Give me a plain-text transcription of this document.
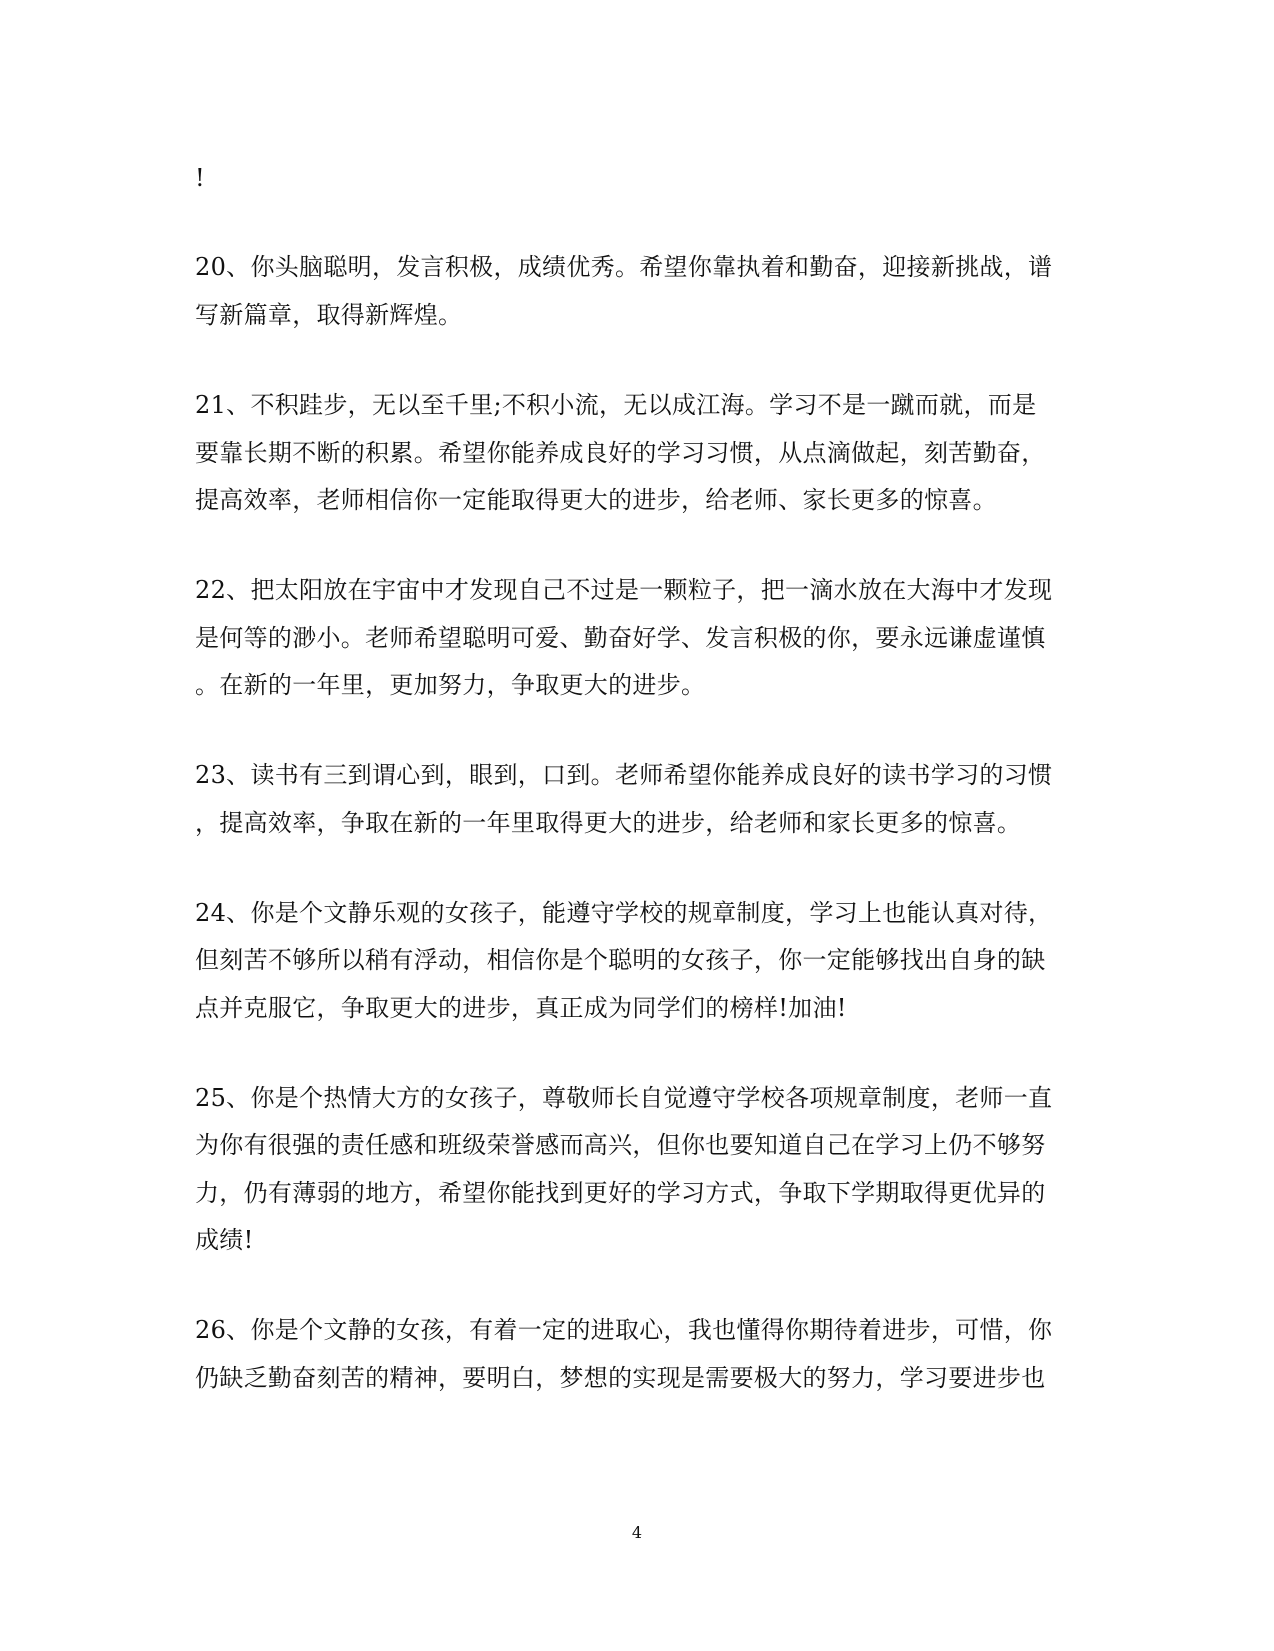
!
20、你头脑聪明，发言积极，成绩优秀。希望你靠执着和勤奋，迎接新挑战，谱
写新篇章，取得新辉煌。
21、不积跬步，无以至千里;不积小流，无以成江海。学习不是一蹴而就，而是
要靠长期不断的积累。希望你能养成良好的学习习惯，从点滴做起，刻苦勤奋，
提高效率，老师相信你一定能取得更大的进步，给老师、家长更多的惊喜。
22、把太阳放在宇宙中才发现自己不过是一颗粒子，把一滴水放在大海中才发现
是何等的渺小。老师希望聪明可爱、勤奋好学、发言积极的你，要永远谦虚谨慎
。在新的一年里，更加努力，争取更大的进步。
23、读书有三到谓心到，眼到，口到。老师希望你能养成良好的读书学习的习惯
，提高效率，争取在新的一年里取得更大的进步，给老师和家长更多的惊喜。
24、你是个文静乐观的女孩子，能遵守学校的规章制度，学习上也能认真对待，
但刻苦不够所以稍有浮动，相信你是个聪明的女孩子，你一定能够找出自身的缺
点并克服它，争取更大的进步，真正成为同学们的榜样!加油!
25、你是个热情大方的女孩子，尊敬师长自觉遵守学校各项规章制度，老师一直
为你有很强的责任感和班级荣誉感而高兴，但你也要知道自己在学习上仍不够努
力，仍有薄弱的地方，希望你能找到更好的学习方式，争取下学期取得更优异的
成绩!
26、你是个文静的女孩，有着一定的进取心，我也懂得你期待着进步，可惜，你
仍缺乏勤奋刻苦的精神，要明白，梦想的实现是需要极大的努力，学习要进步也
4
